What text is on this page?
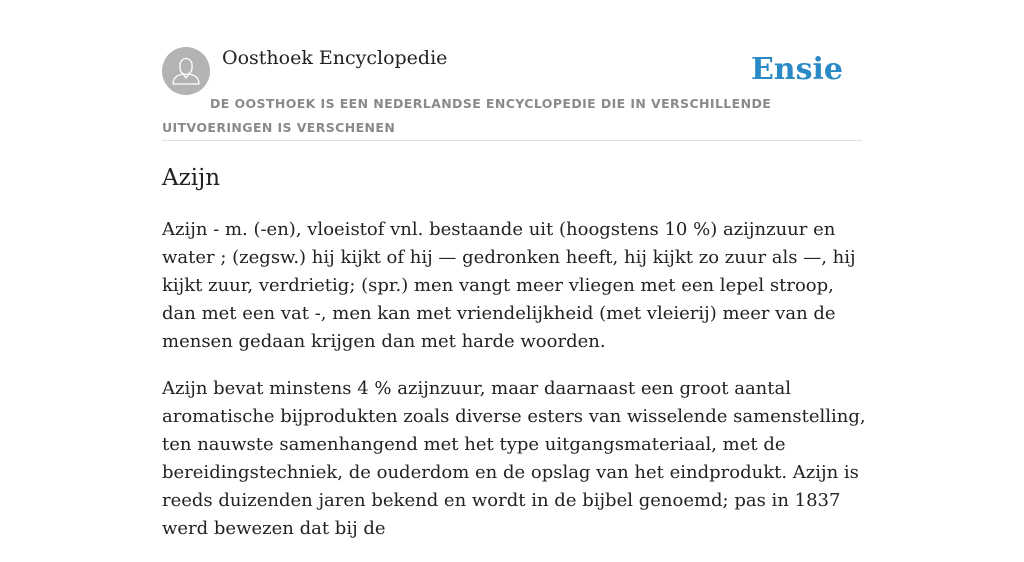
Oosthoek Encyclopedie	Ensie
DE OOSTHOEK IS EEN NEDERLANDSE ENCYCLOPEDIE DIE IN VERSCHILLENDE UITVOERINGEN IS VERSCHENEN
Azijn

Azijn - m. (-en), vloeistof vnl. bestaande uit (hoogstens 10 %) azijnzuur en water ; (zegsw.) hij kijkt of hij — gedronken heeft, hij kijkt zo zuur als —, hij kijkt zuur, verdrietig; (spr.) men vangt meer vliegen met een lepel stroop, dan met een vat -, men kan met vriendelijkheid (met vleierij) meer van de mensen gedaan krijgen dan met harde woorden.

Azijn bevat minstens 4 % azijnzuur, maar daarnaast een groot aantal aromatische bijprodukten zoals diverse esters van wisselende samenstelling, ten nauwste samenhangend met het type uitgangsmateriaal, met de bereidingstechniek, de ouderdom en de opslag van het eindprodukt. Azijn is reeds duizenden jaren bekend en wordt in de bijbel genoemd; pas in 1837 werd bewezen dat bij de
